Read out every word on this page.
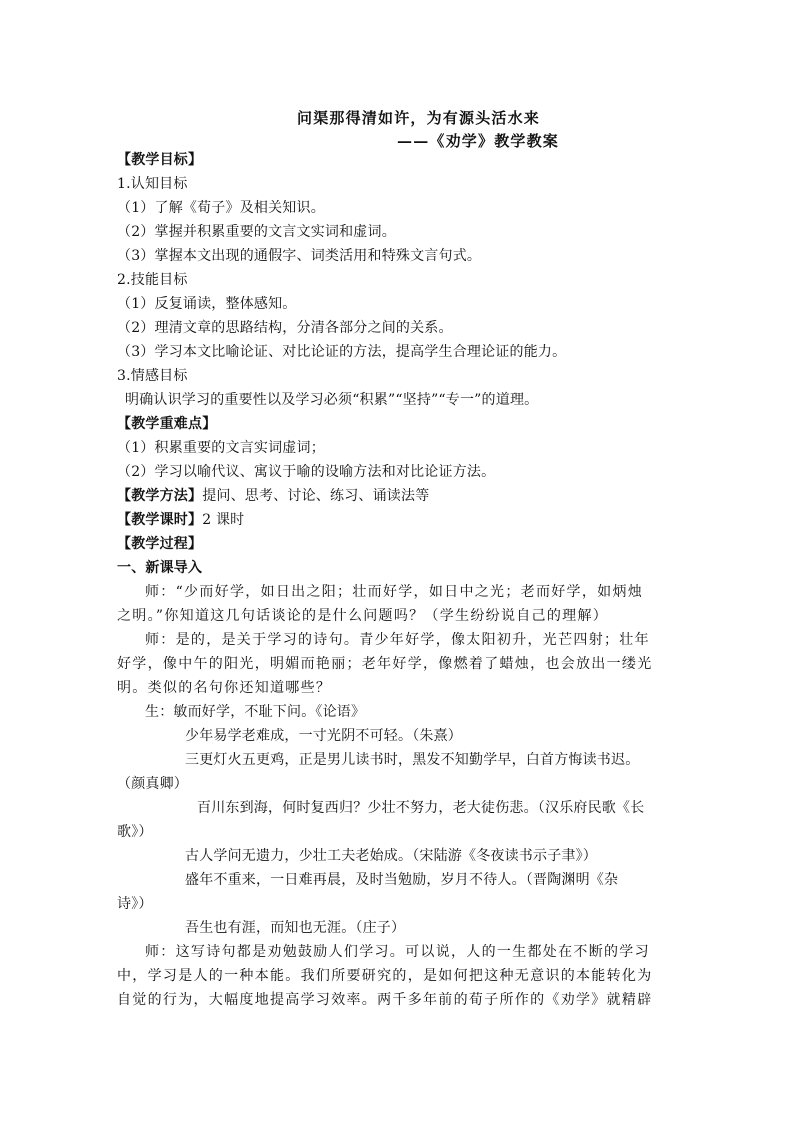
问渠那得清如许，为有源头活水来
——《劝学》教学教案
【教学目标】
1.认知目标
（1）了解《荀子》及相关知识。
（2）掌握并积累重要的文言文实词和虚词。
（3）掌握本文出现的通假字、词类活用和特殊文言句式。
2.技能目标
（1）反复诵读，整体感知。
（2）理清文章的思路结构，分清各部分之间的关系。
（3）学习本文比喻论证、对比论证的方法，提高学生合理论证的能力。
3.情感目标
明确认识学习的重要性以及学习必须“积累”“坚持”“专一”的道理。
【教学重难点】
（1）积累重要的文言实词虚词；
（2）学习以喻代议、寓议于喻的设喻方法和对比论证方法。
【教学方法】提问、思考、讨论、练习、诵读法等
【教学课时】2 课时
【教学过程】
一、新课导入
师：“少而好学，如日出之阳；壮而好学，如日中之光；老而好学，如炳烛
之明。”你知道这几句话谈论的是什么问题吗？（学生纷纷说自己的理解）
师：是的，是关于学习的诗句。青少年好学，像太阳初升，光芒四射；壮年
好学，像中午的阳光，明媚而艳丽；老年好学，像燃着了蜡烛，也会放出一缕光
明。类似的名句你还知道哪些？
生：敏而好学，不耻下问。《论语》
少年易学老难成，一寸光阴不可轻。（朱熹）
三更灯火五更鸡，正是男儿读书时，黑发不知勤学早，白首方悔读书迟。
（颜真卿）
百川东到海，何时复西归？少壮不努力，老大徒伤悲。（汉乐府民歌《长
歌》）
古人学问无遗力，少壮工夫老始成。（宋陆游《冬夜读书示子聿》）
盛年不重来，一日难再晨，及时当勉励，岁月不待人。（晋陶渊明《杂
诗》）
吾生也有涯，而知也无涯。（庄子）
师：这写诗句都是劝勉鼓励人们学习。可以说，人的一生都处在不断的学习
中，学习是人的一种本能。我们所要研究的，是如何把这种无意识的本能转化为
自觉的行为，大幅度地提高学习效率。两千多年前的荀子所作的《劝学》就精辟
